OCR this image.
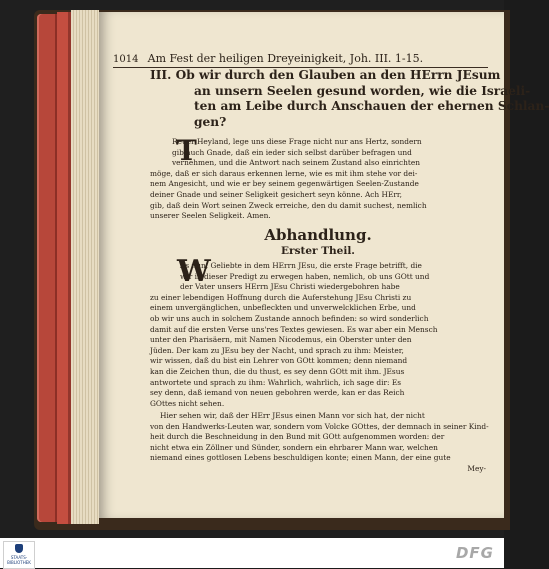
1014 Am Fest der heiligen Dreyeinigkeit, Joh. III. 1-15.
III. Ob wir durch den Glauben an den HErrn JEsum
an unsern Seelen gesund worden, wie die Israeli-
ten am Leibe durch Anschauen der ehernen Schlan-
gen?
T
Reuer Heyland, lege uns diese Frage nicht nur ans Hertz, sondern
gib auch Gnade, daß ein ieder sich selbst darüber befragen und
vernehmen, und die Antwort nach seinem Zustand also einrichten
möge, daß er sich daraus erkennen lerne, wie es mit ihm stehe vor dei-
nem Angesicht, und wie er bey seinem gegenwärtigen Seelen-Zustande
deiner Gnade und seiner Seligkeit gesichert seyn könne. Ach HErr,
gib, daß dein Wort seinen Zweck erreiche, den du damit suchest, nemlich
unserer Seelen Seligkeit. Amen.
Abhandlung.
Erster Theil.
W
As nun, Geliebte in dem HErrn JEsu, die erste Frage betrifft, die
wir in dieser Predigt zu erwegen haben, nemlich, ob uns GOtt und
der Vater unsers HErrn JEsu Christi wiedergebohren habe
zu einer lebendigen Hoffnung durch die Auferstehung JEsu Christi zu
einem unvergänglichen, unbefleckten und unverwelcklichen Erbe, und
ob wir uns auch in solchem Zustande annoch befinden: so wird sonderlich
damit auf die ersten Verse uns'res Textes gewiesen. Es war aber ein Mensch
unter den Pharisäern, mit Namen Nicodemus, ein Oberster unter den
Jüden. Der kam zu JEsu bey der Nacht, und sprach zu ihm: Meister,
wir wissen, daß du bist ein Lehrer von GOtt kommen; denn niemand
kan die Zeichen thun, die du thust, es sey denn GOtt mit ihm. JEsus
antwortete und sprach zu ihm: Wahrlich, wahrlich, ich sage dir: Es
sey denn, daß iemand von neuen gebohren werde, kan er das Reich
GOttes nicht sehen.
Hier sehen wir, daß der HErr JEsus einen Mann vor sich hat, der nicht
von den Handwerks-Leuten war, sondern vom Volcke GOttes, der demnach in seiner Kind-
heit durch die Beschneidung in den Bund mit GOtt aufgenommen worden: der
nicht etwa ein Zöllner und Sünder, sondern ein ehrbarer Mann war, welchen
niemand eines gottlosen Lebens beschuldigen konte; einen Mann, der eine gute
Mey-
STAATS-
BIBLIOTHEK
DFG
